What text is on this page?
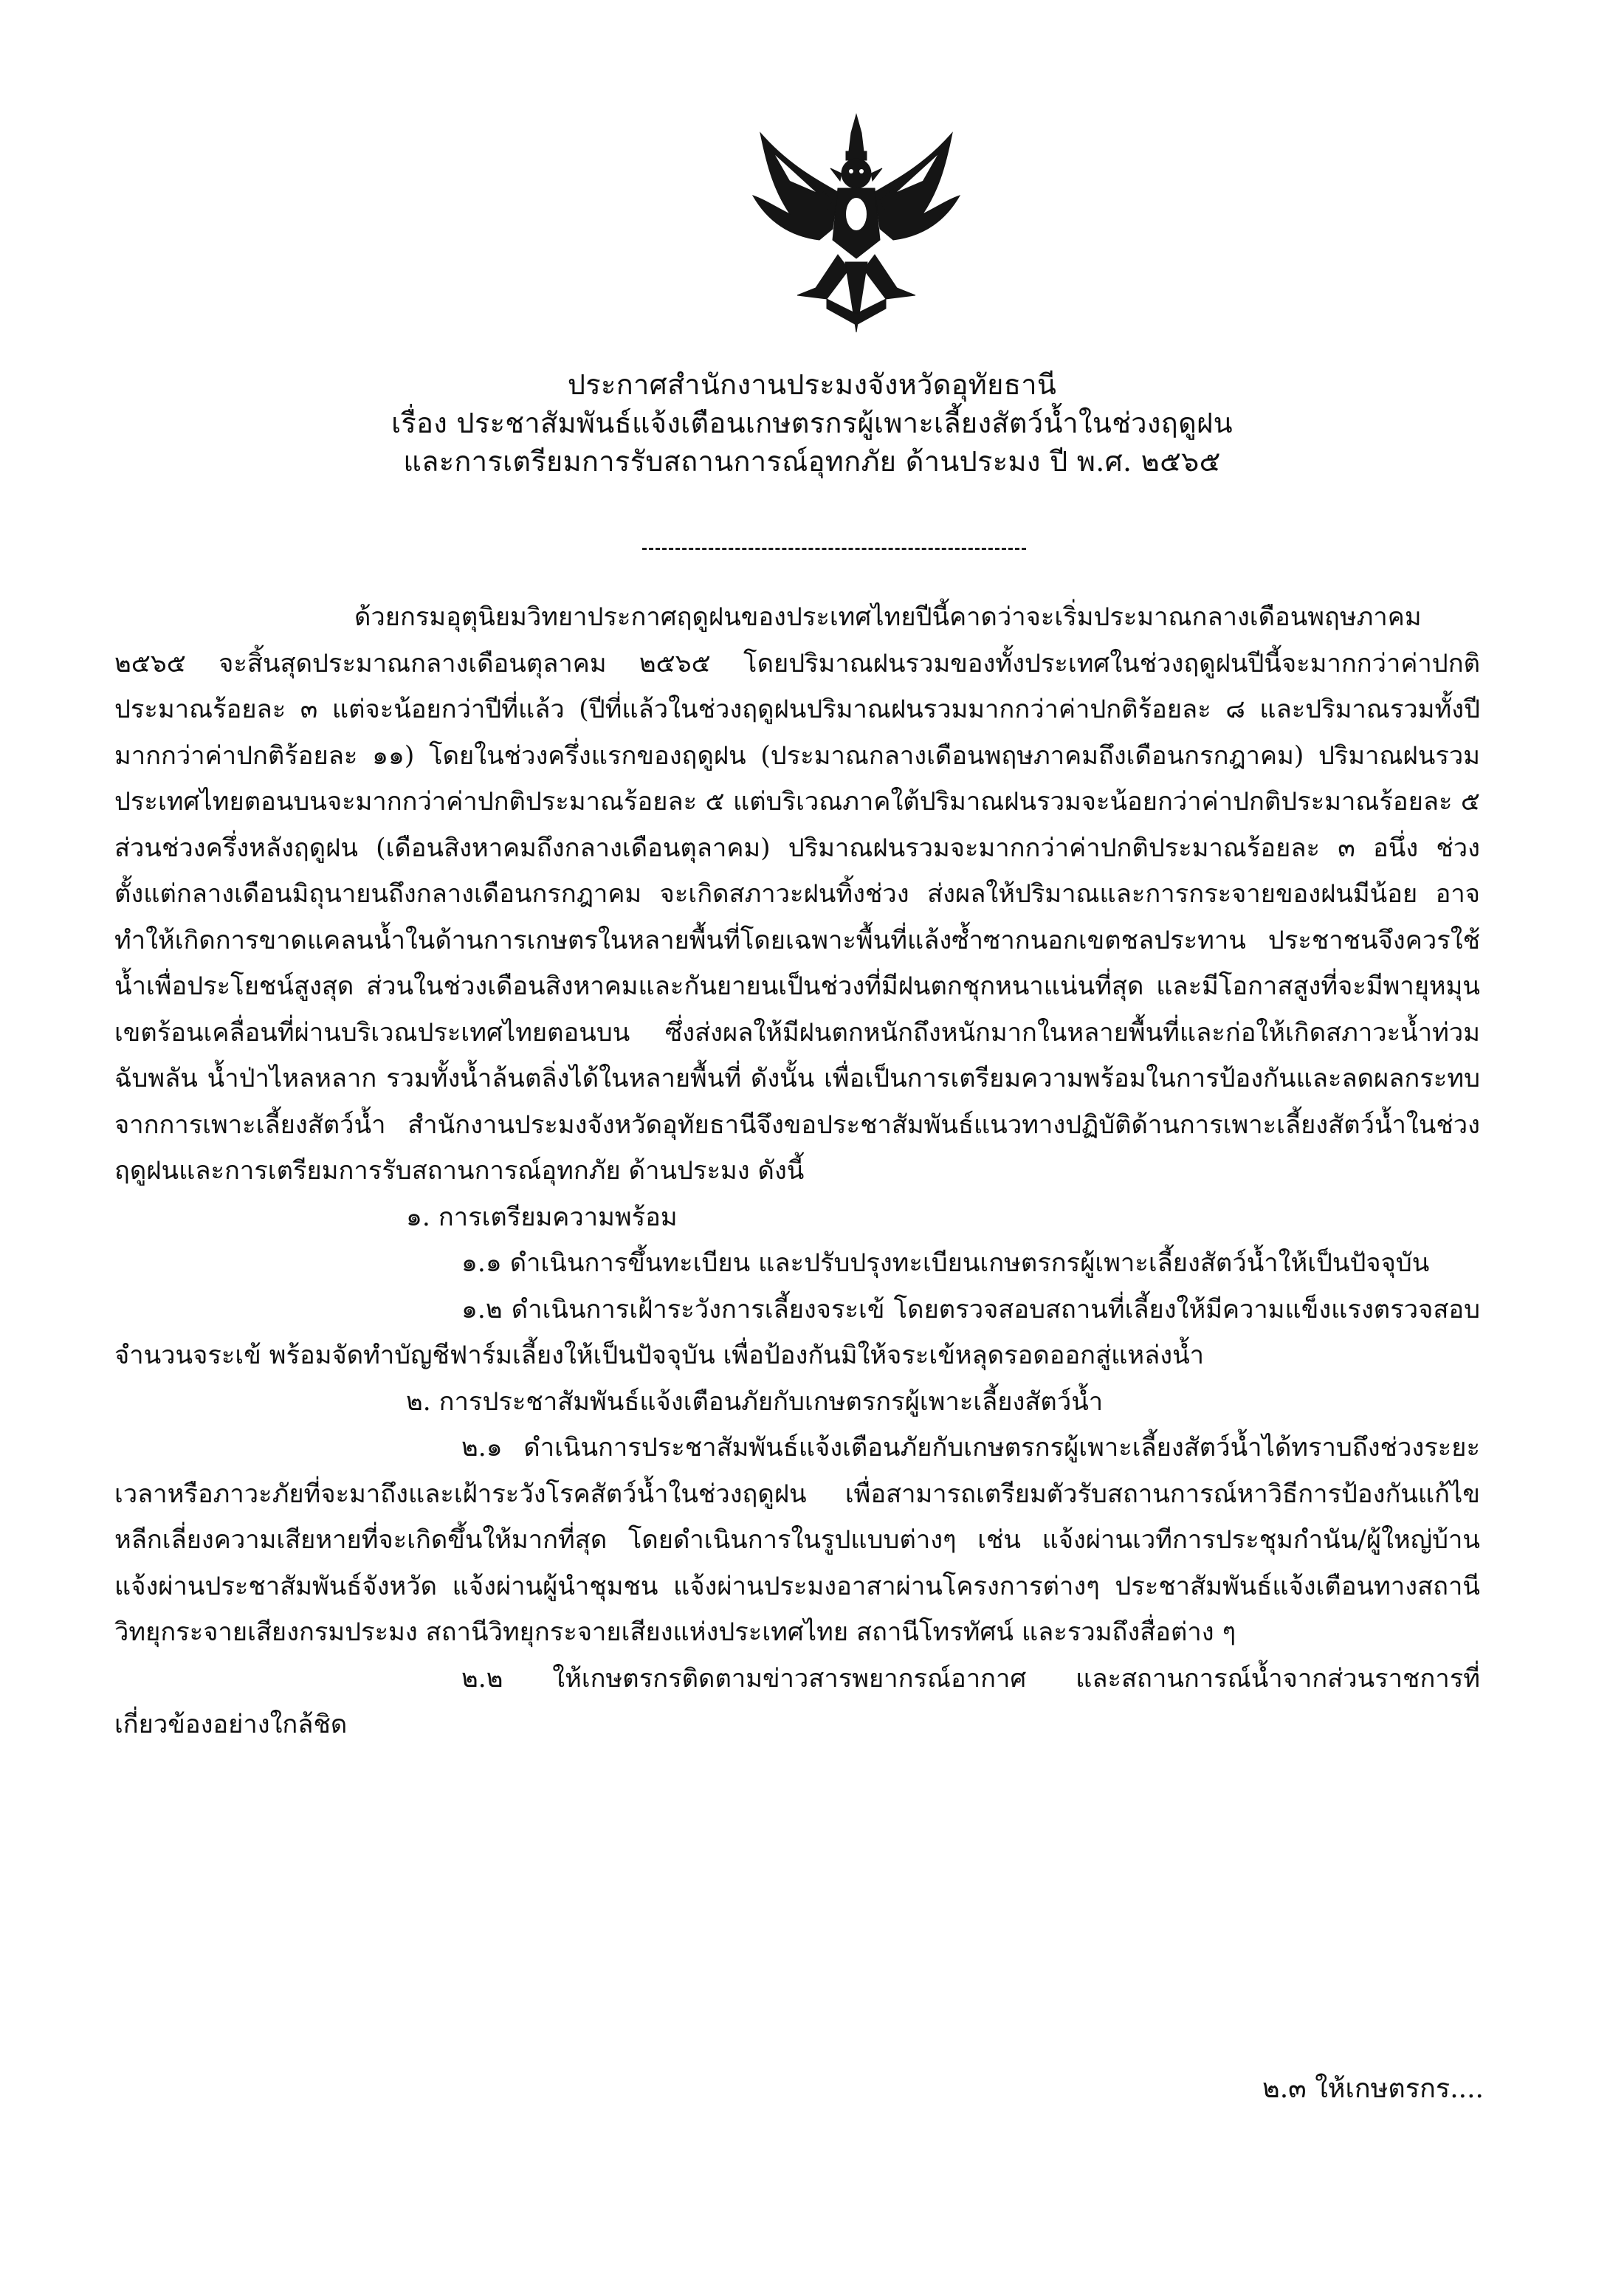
ประกาศสำนักงานประมงจังหวัดอุทัยธานี
เรื่อง ประชาสัมพันธ์แจ้งเตือนเกษตรกรผู้เพาะเลี้ยงสัตว์น้ำในช่วงฤดูฝน
และการเตรียมการรับสถานการณ์อุทกภัย ด้านประมง ปี พ.ศ. ๒๕๖๕

ด้วยกรมอุตุนิยมวิทยาประกาศฤดูฝนของประเทศไทยปีนี้คาดว่าจะเริ่มประมาณกลางเดือนพฤษภาคม ๒๕๖๕ จะสิ้นสุดประมาณกลางเดือนตุลาคม ๒๕๖๕ โดยปริมาณฝนรวมของทั้งประเทศในช่วงฤดูฝนปีนี้จะมากกว่าค่าปกติประมาณร้อยละ ๓ แต่จะน้อยกว่าปีที่แล้ว (ปีที่แล้วในช่วงฤดูฝนปริมาณฝนรวมมากกว่าค่าปกติร้อยละ ๘ และปริมาณรวมทั้งปีมากกว่าค่าปกติร้อยละ ๑๑) โดยในช่วงครึ่งแรกของฤดูฝน (ประมาณกลางเดือนพฤษภาคมถึงเดือนกรกฎาคม) ปริมาณฝนรวมประเทศไทยตอนบนจะมากกว่าค่าปกติประมาณร้อยละ ๕ แต่บริเวณภาคใต้ปริมาณฝนรวมจะน้อยกว่าค่าปกติประมาณร้อยละ ๕ ส่วนช่วงครึ่งหลังฤดูฝน (เดือนสิงหาคมถึงกลางเดือนตุลาคม) ปริมาณฝนรวมจะมากกว่าค่าปกติประมาณร้อยละ ๓ อนึ่ง ช่วงตั้งแต่กลางเดือนมิถุนายนถึงกลางเดือนกรกฎาคม จะเกิดสภาวะฝนทิ้งช่วง ส่งผลให้ปริมาณและการกระจายของฝนมีน้อย อาจทำให้เกิดการขาดแคลนน้ำในด้านการเกษตรในหลายพื้นที่โดยเฉพาะพื้นที่แล้งซ้ำซากนอกเขตชลประทาน ประชาชนจึงควรใช้น้ำเพื่อประโยชน์สูงสุด ส่วนในช่วงเดือนสิงหาคมและกันยายนเป็นช่วงที่มีฝนตกชุกหนาแน่นที่สุด และมีโอกาสสูงที่จะมีพายุหมุนเขตร้อนเคลื่อนที่ผ่านบริเวณประเทศไทยตอนบน ซึ่งส่งผลให้มีฝนตกหนักถึงหนักมากในหลายพื้นที่และก่อให้เกิดสภาวะน้ำท่วมฉับพลัน น้ำป่าไหลหลาก รวมทั้งน้ำล้นตลิ่งได้ในหลายพื้นที่ ดังนั้น เพื่อเป็นการเตรียมความพร้อมในการป้องกันและลดผลกระทบจากการเพาะเลี้ยงสัตว์น้ำ สำนักงานประมงจังหวัดอุทัยธานีจึงขอประชาสัมพันธ์แนวทางปฏิบัติด้านการเพาะเลี้ยงสัตว์น้ำในช่วงฤดูฝนและการเตรียมการรับสถานการณ์อุทกภัย ด้านประมง ดังนี้

๑. การเตรียมความพร้อม

๑.๑ ดำเนินการขึ้นทะเบียน และปรับปรุงทะเบียนเกษตรกรผู้เพาะเลี้ยงสัตว์น้ำให้เป็นปัจจุบัน

๑.๒ ดำเนินการเฝ้าระวังการเลี้ยงจระเข้ โดยตรวจสอบสถานที่เลี้ยงให้มีความแข็งแรงตรวจสอบจำนวนจระเข้ พร้อมจัดทำบัญชีฟาร์มเลี้ยงให้เป็นปัจจุบัน เพื่อป้องกันมิให้จระเข้หลุดรอดออกสู่แหล่งน้ำ

๒. การประชาสัมพันธ์แจ้งเตือนภัยกับเกษตรกรผู้เพาะเลี้ยงสัตว์น้ำ

๒.๑ ดำเนินการประชาสัมพันธ์แจ้งเตือนภัยกับเกษตรกรผู้เพาะเลี้ยงสัตว์น้ำได้ทราบถึงช่วงระยะเวลาหรือภาวะภัยที่จะมาถึงและเฝ้าระวังโรคสัตว์น้ำในช่วงฤดูฝน เพื่อสามารถเตรียมตัวรับสถานการณ์หาวิธีการป้องกันแก้ไขหลีกเลี่ยงความเสียหายที่จะเกิดขึ้นให้มากที่สุด โดยดำเนินการในรูปแบบต่างๆ เช่น แจ้งผ่านเวทีการประชุมกำนัน/ผู้ใหญ่บ้าน แจ้งผ่านประชาสัมพันธ์จังหวัด แจ้งผ่านผู้นำชุมชน แจ้งผ่านประมงอาสาผ่านโครงการต่างๆ ประชาสัมพันธ์แจ้งเตือนทางสถานีวิทยุกระจายเสียงกรมประมง สถานีวิทยุกระจายเสียงแห่งประเทศไทย สถานีโทรทัศน์ และรวมถึงสื่อต่าง ๆ

๒.๒ ให้เกษตรกรติดตามข่าวสารพยากรณ์อากาศ และสถานการณ์น้ำจากส่วนราชการที่เกี่ยวข้องอย่างใกล้ชิด

๒.๓ ให้เกษตรกร....
